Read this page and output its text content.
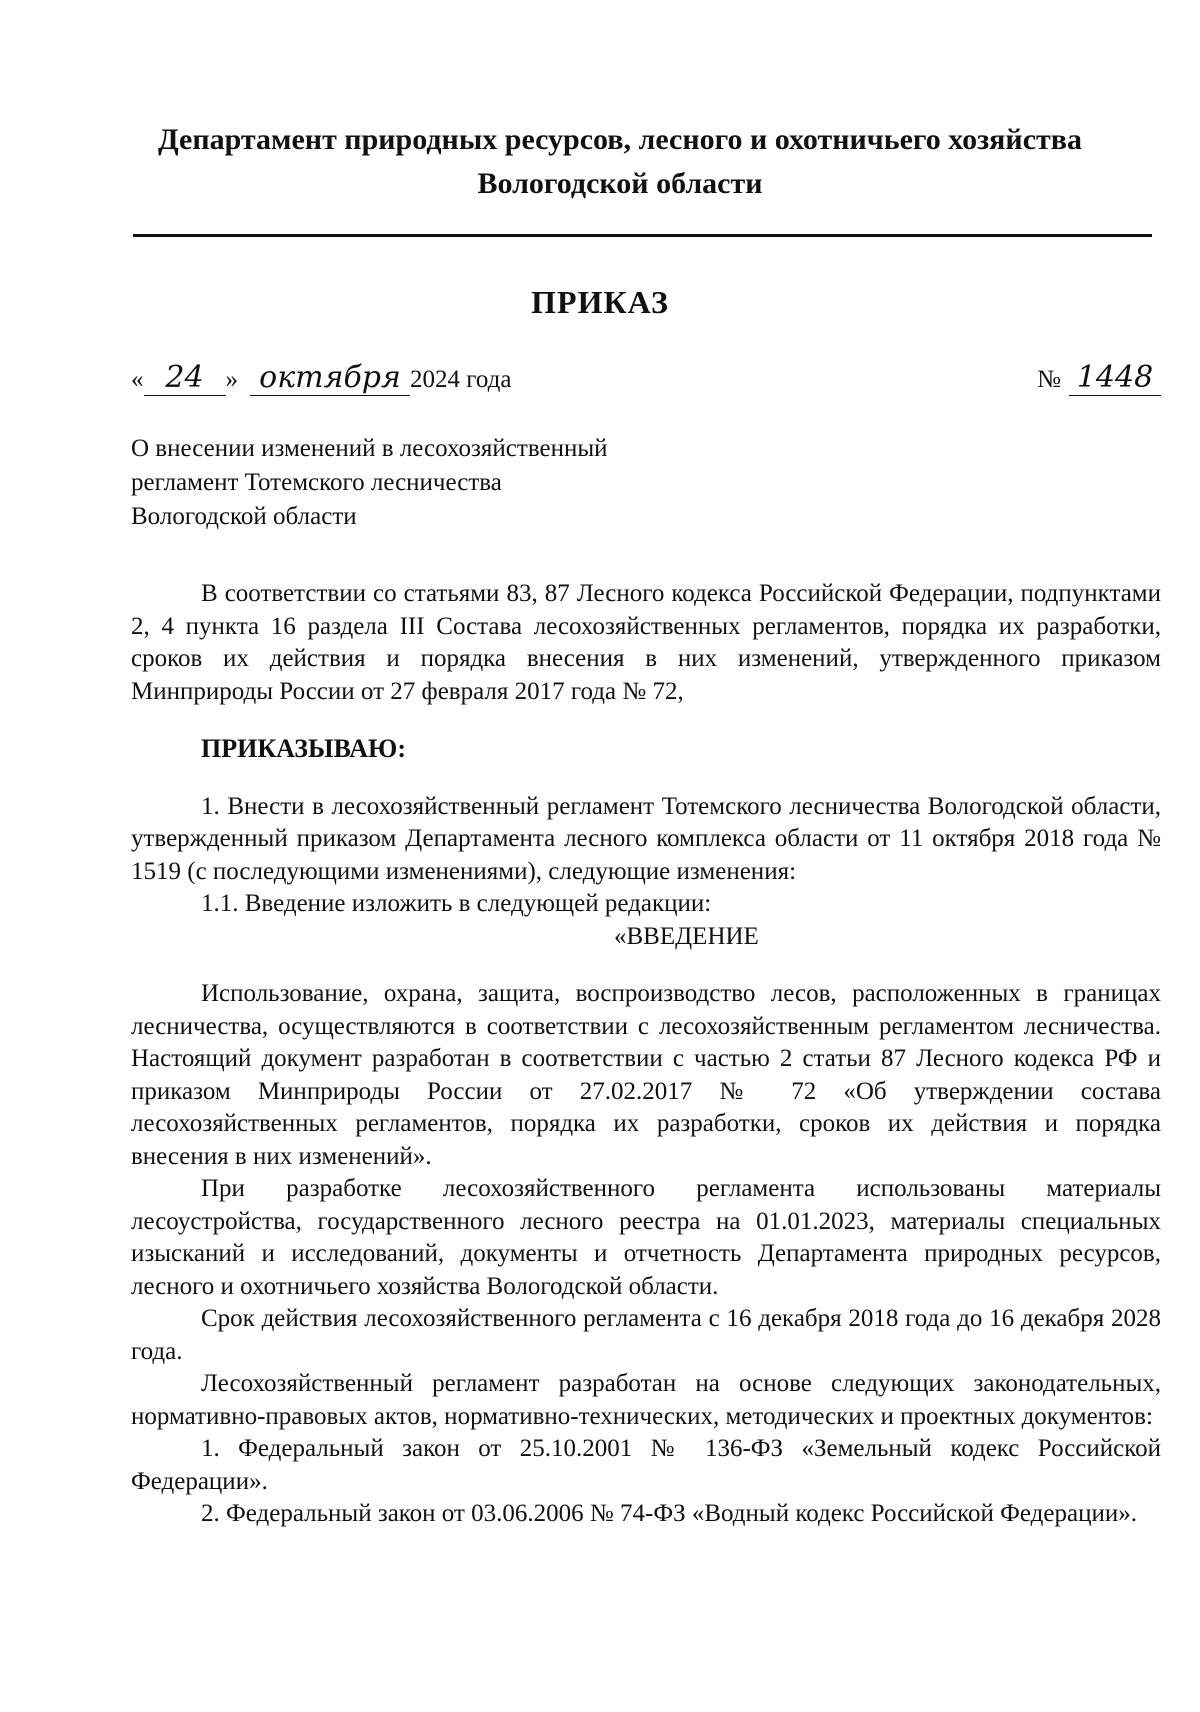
Департамент природных ресурсов, лесного и охотничьего хозяйства
Вологодской области
ПРИКАЗ
« 24 » октября 2024 года	№ 1448
О внесении изменений в лесохозяйственный
регламент Тотемского лесничества
Вологодской области

В соответствии со статьями 83, 87 Лесного кодекса Российской Федерации, подпунктами 2, 4 пункта 16 раздела III Состава лесохозяйственных регламентов, порядка их разработки, сроков их действия и порядка внесения в них изменений, утвержденного приказом Минприроды России от 27 февраля 2017 года № 72,

ПРИКАЗЫВАЮ:

1. Внести в лесохозяйственный регламент Тотемского лесничества Вологодской области, утвержденный приказом Департамента лесного комплекса области от 11 октября 2018 года № 1519 (с последующими изменениями), следующие изменения:

1.1. Введение изложить в следующей редакции:

«ВВЕДЕНИЕ

Использование, охрана, защита, воспроизводство лесов, расположенных в границах лесничества, осуществляются в соответствии с лесохозяйственным регламентом лесничества. Настоящий документ разработан в соответствии с частью 2 статьи 87 Лесного кодекса РФ и приказом Минприроды России от 27.02.2017 № 72 «Об утверждении состава лесохозяйственных регламентов, порядка их разработки, сроков их действия и порядка внесения в них изменений».

При разработке лесохозяйственного регламента использованы материалы лесоустройства, государственного лесного реестра на 01.01.2023, материалы специальных изысканий и исследований, документы и отчетность Департамента природных ресурсов, лесного и охотничьего хозяйства Вологодской области.

Срок действия лесохозяйственного регламента с 16 декабря 2018 года до 16 декабря 2028 года.

Лесохозяйственный регламент разработан на основе следующих законодательных, нормативно-правовых актов, нормативно-технических, методических и проектных документов:

1. Федеральный закон от 25.10.2001 № 136-ФЗ «Земельный кодекс Российской Федерации».

2. Федеральный закон от 03.06.2006 № 74-ФЗ «Водный кодекс Российской Федерации».
